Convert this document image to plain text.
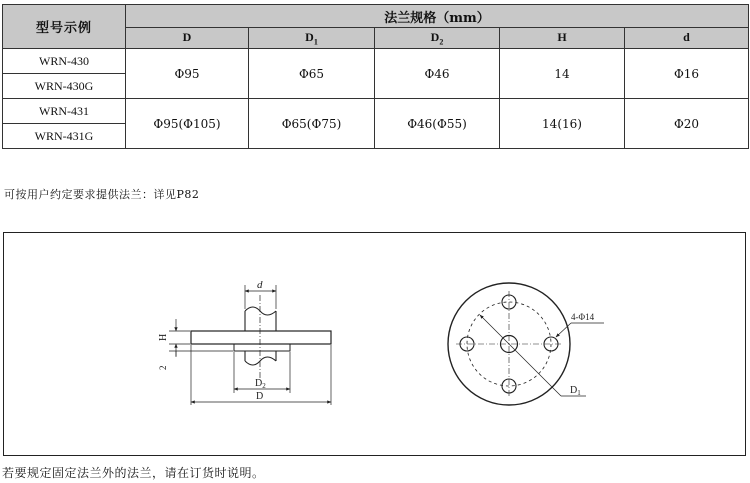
型号示例	法兰规格（mm）				
	D	$D_1$	$D_2$	H	d
WRN-430	Φ95	Φ65	Φ46	14	Φ16
WRN-430G					
WRN-431	Φ95(Φ105)	Φ65(Φ75)	Φ46(Φ55)	14(16)	Φ20
WRN-431G					
可按用户约定要求提供法兰：详见P82
d
H
2
$D_2$
D
$D_1$
4-Φ14
若要规定固定法兰外的法兰，请在订货时说明。
